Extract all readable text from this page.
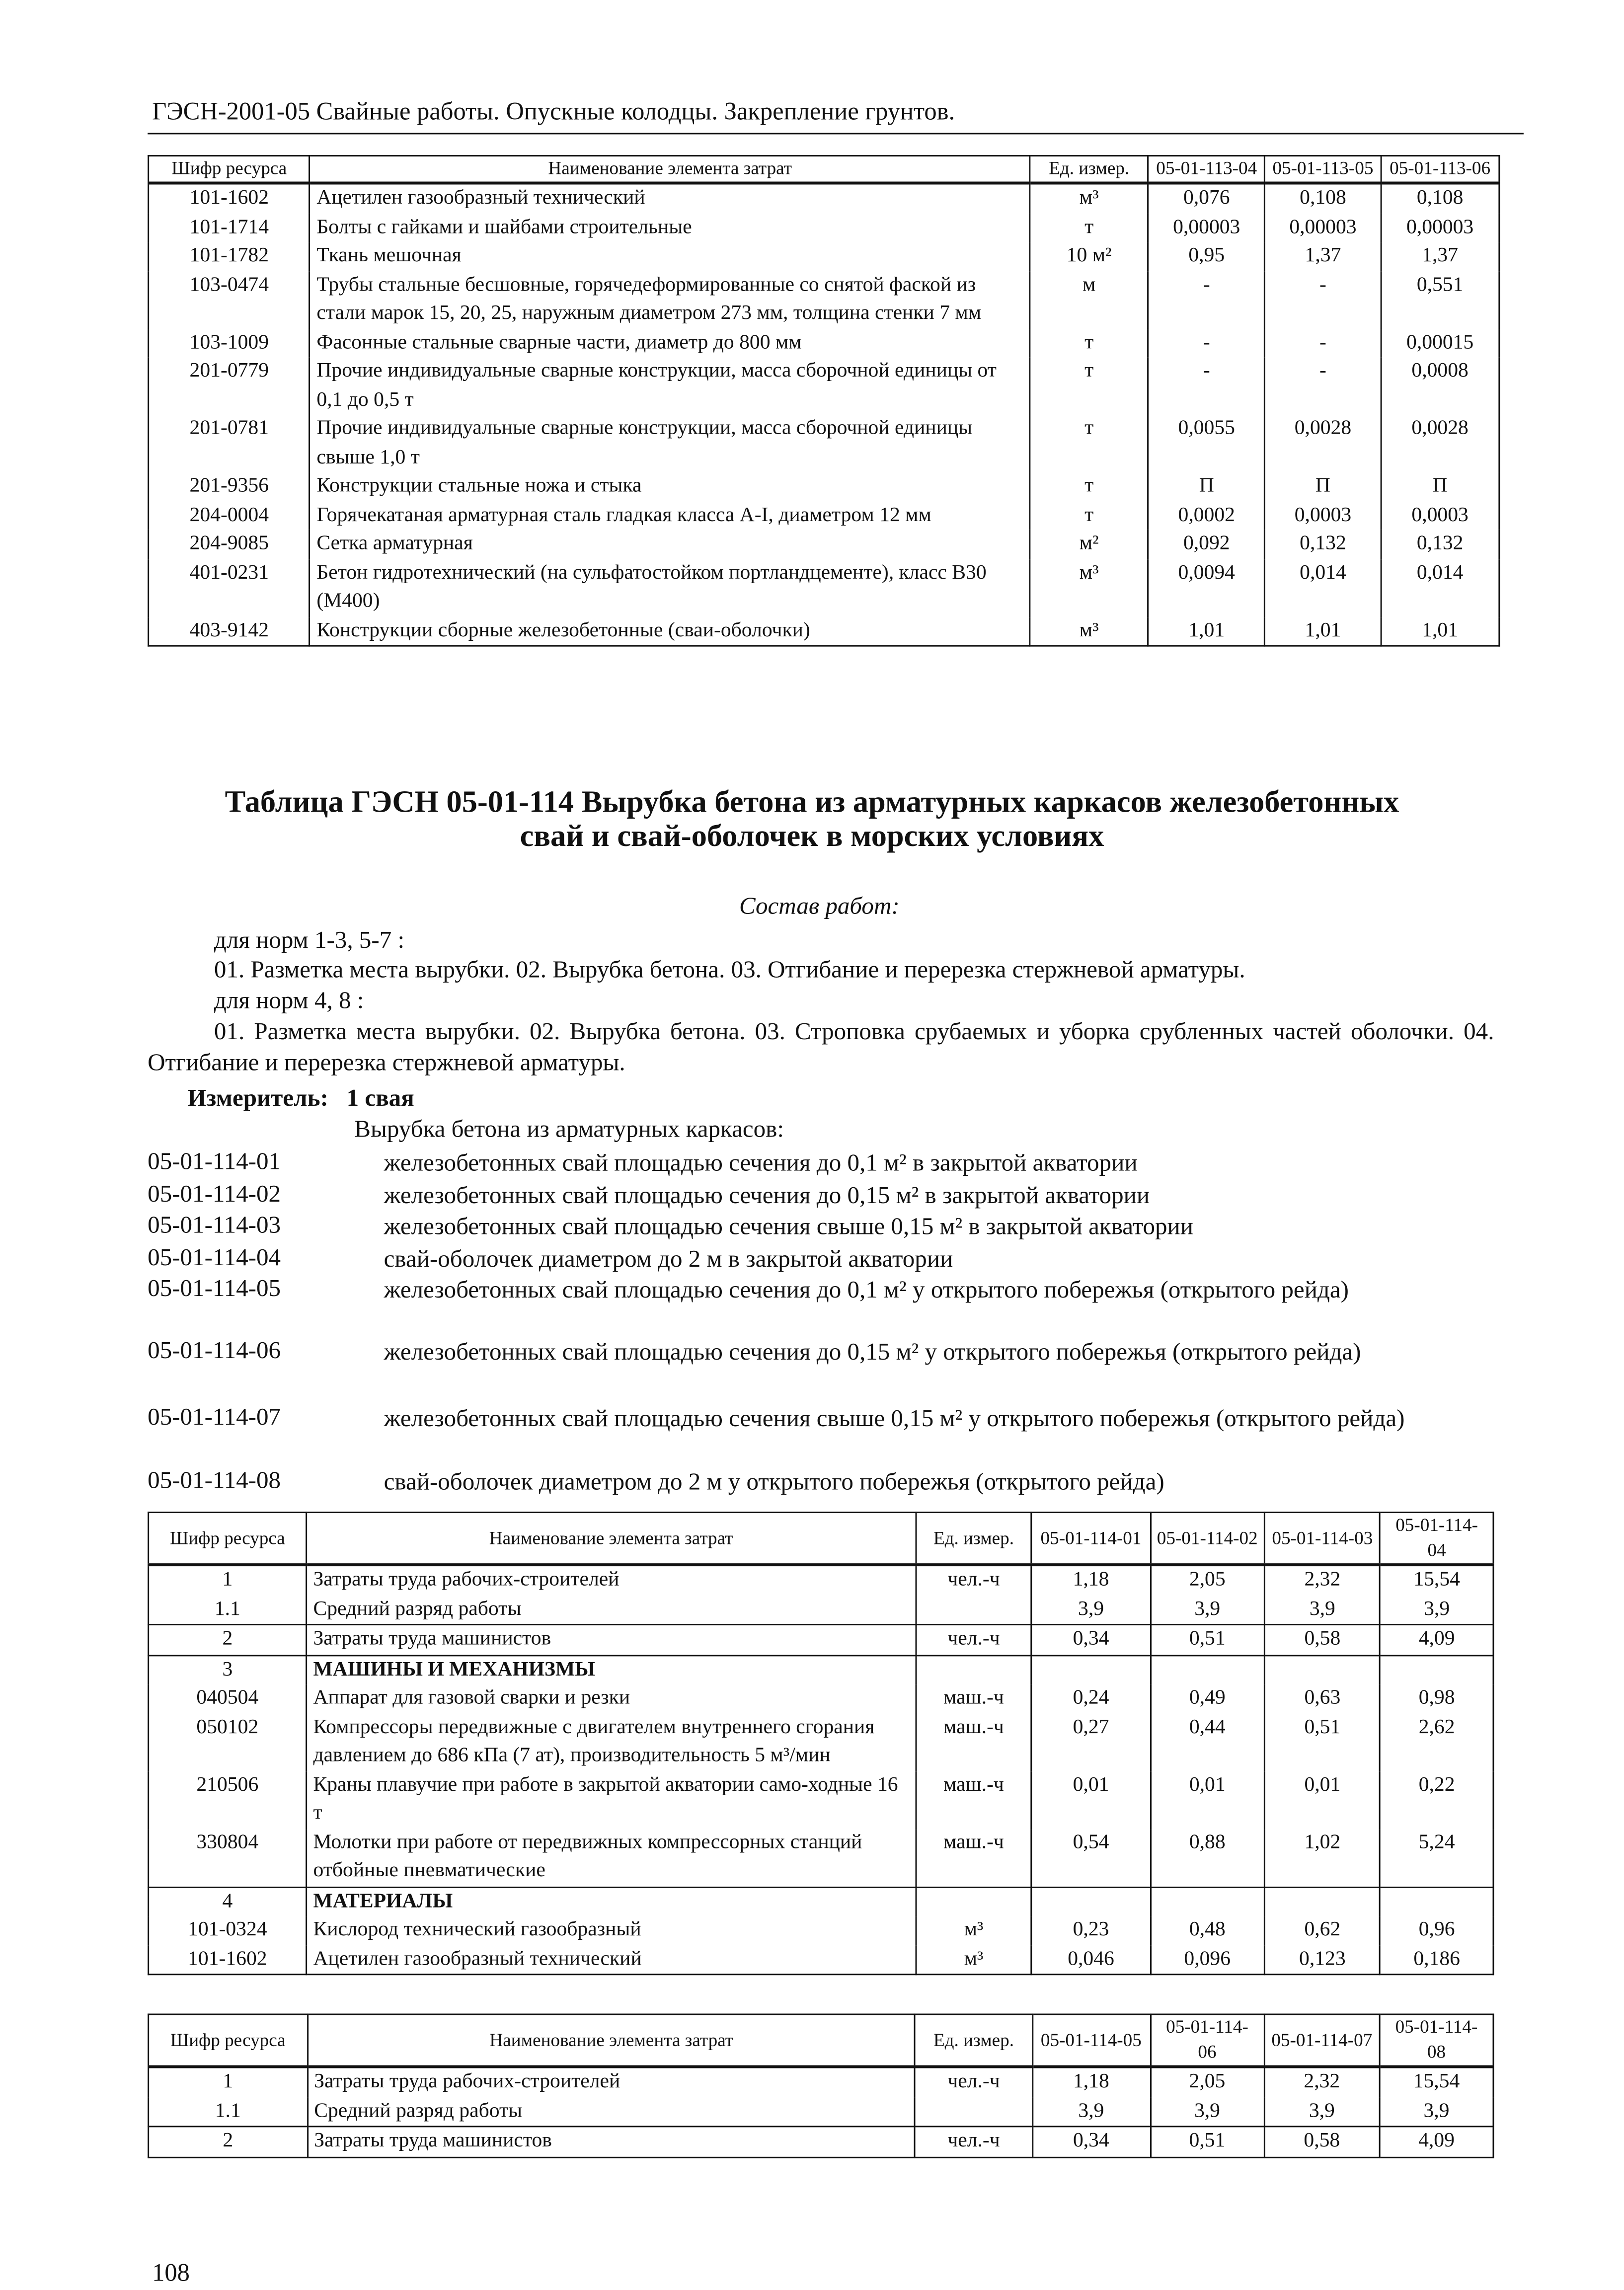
ГЭСН-2001-05 Свайные работы. Опускные колодцы. Закрепление грунтов.
Шифр ресурса	Наименование элемента затрат	Ед. измер.	05-01-113-04	05-01-113-05	05-01-113-06
101-1602	Ацетилен газообразный технический	м³	0,076	0,108	0,108
101-1714	Болты с гайками и шайбами строительные	т	0,00003	0,00003	0,00003
101-1782	Ткань мешочная	10 м²	0,95	1,37	1,37
103-0474	Трубы стальные бесшовные, горячедеформированные со снятой фаской из стали марок 15, 20, 25, наружным диаметром 273 мм, толщина стенки 7 мм	м	-	-	0,551
103-1009	Фасонные стальные сварные части, диаметр до 800 мм	т	-	-	0,00015
201-0779	Прочие индивидуальные сварные конструкции, масса сборочной единицы от 0,1 до 0,5 т	т	-	-	0,0008
201-0781	Прочие индивидуальные сварные конструкции, масса сборочной единицы свыше 1,0 т	т	0,0055	0,0028	0,0028
201-9356	Конструкции стальные ножа и стыка	т	П	П	П
204-0004	Горячекатаная арматурная сталь гладкая класса А-I, диаметром 12 мм	т	0,0002	0,0003	0,0003
204-9085	Сетка арматурная	м²	0,092	0,132	0,132
401-0231	Бетон гидротехнический (на сульфатостойком портландцементе), класс В30 (М400)	м³	0,0094	0,014	0,014
403-9142	Конструкции сборные железобетонные (сваи-оболочки)	м³	1,01	1,01	1,01
Таблица ГЭСН 05-01-114 Вырубка бетона из арматурных каркасов железобетонных
свай и свай-оболочек в морских условиях
Состав работ:
для норм 1-3, 5-7 :
01. Разметка места вырубки. 02. Вырубка бетона. 03. Отгибание и перерезка стержневой арматуры.
для норм 4, 8 :
01. Разметка места вырубки. 02. Вырубка бетона. 03. Строповка срубаемых и уборка срубленных частей оболочки. 04. Отгибание и перерезка стержневой арматуры.
Измеритель:   1 свая
Вырубка бетона из арматурных каркасов:
05-01-114-01	железобетонных свай площадью сечения до 0,1 м² в закрытой акватории
05-01-114-02	железобетонных свай площадью сечения до 0,15 м² в закрытой акватории
05-01-114-03	железобетонных свай площадью сечения свыше 0,15 м² в закрытой акватории
05-01-114-04	свай-оболочек диаметром до 2 м в закрытой акватории
05-01-114-05	железобетонных свай площадью сечения до 0,1 м² у открытого побережья (открытого рейда)
05-01-114-06	железобетонных свай площадью сечения до 0,15 м² у открытого побережья (открытого рейда)
05-01-114-07	железобетонных свай площадью сечения свыше 0,15 м² у открытого побережья (открытого рейда)
05-01-114-08	свай-оболочек диаметром до 2 м у открытого побережья (открытого рейда)
Шифр ресурса	Наименование элемента затрат	Ед. измер.	05-01-114-01	05-01-114-02	05-01-114-03	05-01-114-04
1	Затраты труда рабочих-строителей	чел.-ч	1,18	2,05	2,32	15,54
1.1	Средний разряд работы		3,9	3,9	3,9	3,9
2	Затраты труда машинистов	чел.-ч	0,34	0,51	0,58	4,09
3	МАШИНЫ И МЕХАНИЗМЫ					
040504	Аппарат для газовой сварки и резки	маш.-ч	0,24	0,49	0,63	0,98
050102	Компрессоры передвижные с двигателем внутреннего сгорания давлением до 686 кПа (7 ат), производительность 5 м³/мин	маш.-ч	0,27	0,44	0,51	2,62
210506	Краны плавучие при работе в закрытой акватории само-ходные 16 т	маш.-ч	0,01	0,01	0,01	0,22
330804	Молотки при работе от передвижных компрессорных станций отбойные пневматические	маш.-ч	0,54	0,88	1,02	5,24
4	МАТЕРИАЛЫ					
101-0324	Кислород технический газообразный	м³	0,23	0,48	0,62	0,96
101-1602	Ацетилен газообразный технический	м³	0,046	0,096	0,123	0,186
Шифр ресурса	Наименование элемента затрат	Ед. измер.	05-01-114-05	05-01-114-06	05-01-114-07	05-01-114-08
1	Затраты труда рабочих-строителей	чел.-ч	1,18	2,05	2,32	15,54
1.1	Средний разряд работы		3,9	3,9	3,9	3,9
2	Затраты труда машинистов	чел.-ч	0,34	0,51	0,58	4,09
108
